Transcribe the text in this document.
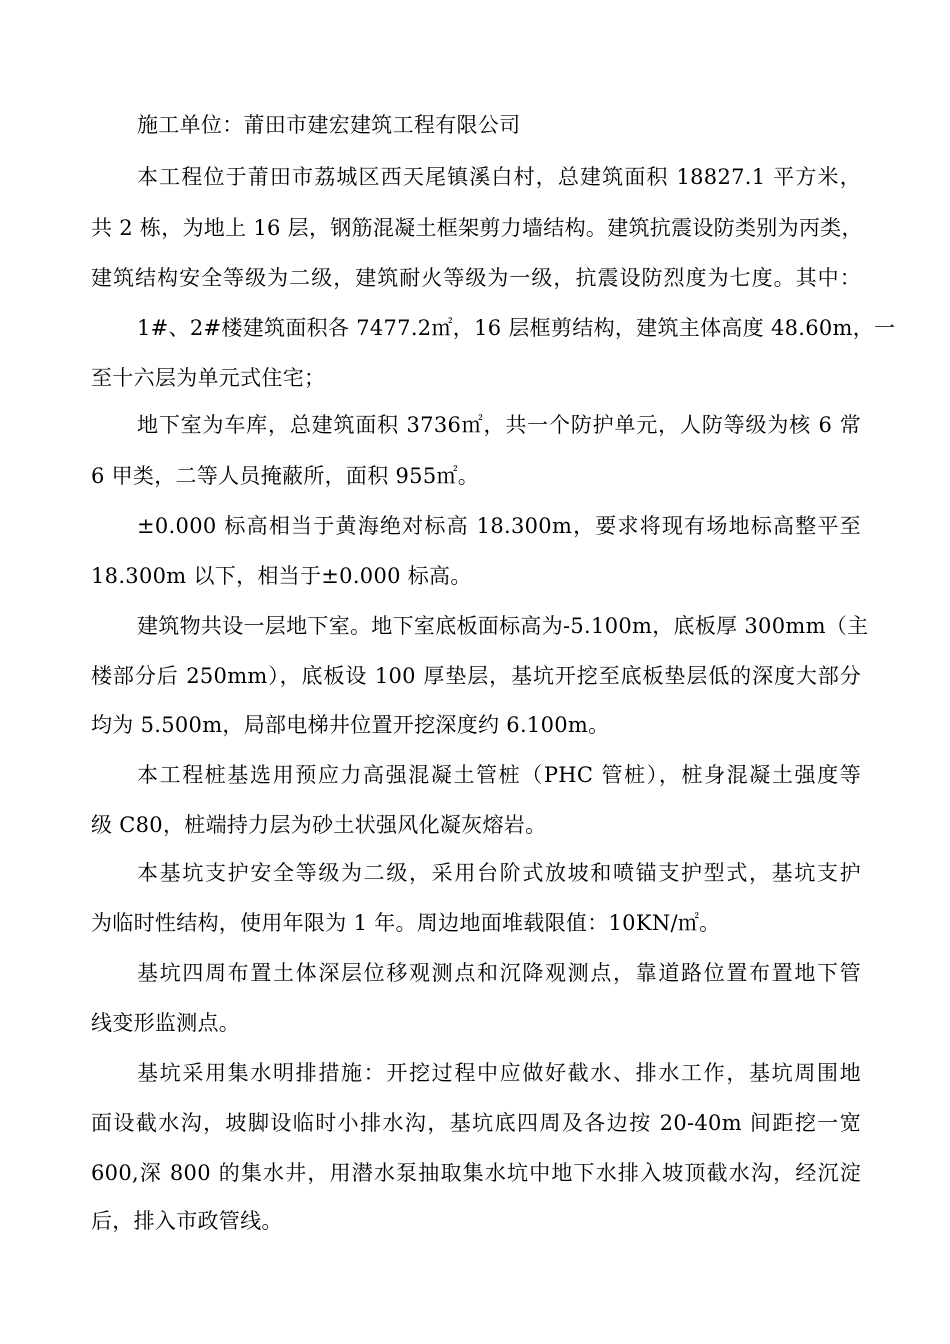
施工单位：莆田市建宏建筑工程有限公司
本工程位于莆田市荔城区西天尾镇溪白村，总建筑面积 18827.1 平方米，
共 2 栋，为地上 16 层，钢筋混凝土框架剪力墙结构。建筑抗震设防类别为丙类，
建筑结构安全等级为二级，建筑耐火等级为一级，抗震设防烈度为七度。其中：
1#、2#楼建筑面积各 7477.2㎡，16 层框剪结构，建筑主体高度 48.60m，一
至十六层为单元式住宅；
地下室为车库，总建筑面积 3736㎡，共一个防护单元，人防等级为核 6 常
6 甲类，二等人员掩蔽所，面积 955㎡。
±0.000 标高相当于黄海绝对标高 18.300m，要求将现有场地标高整平至
18.300m 以下，相当于±0.000 标高。
建筑物共设一层地下室。地下室底板面标高为-5.100m，底板厚 300mm（主
楼部分后 250mm），底板设 100 厚垫层，基坑开挖至底板垫层低的深度大部分
均为 5.500m，局部电梯井位置开挖深度约 6.100m。
本工程桩基选用预应力高强混凝土管桩（PHC 管桩），桩身混凝土强度等
级 C80，桩端持力层为砂土状强风化凝灰熔岩。
本基坑支护安全等级为二级，采用台阶式放坡和喷锚支护型式，基坑支护
为临时性结构，使用年限为 1 年。周边地面堆载限值：10KN/㎡。
基坑四周布置土体深层位移观测点和沉降观测点，靠道路位置布置地下管
线变形监测点。
基坑采用集水明排措施：开挖过程中应做好截水、排水工作，基坑周围地
面设截水沟，坡脚设临时小排水沟，基坑底四周及各边按 20-40m 间距挖一宽
600,深 800 的集水井，用潜水泵抽取集水坑中地下水排入坡顶截水沟，经沉淀
后，排入市政管线。
